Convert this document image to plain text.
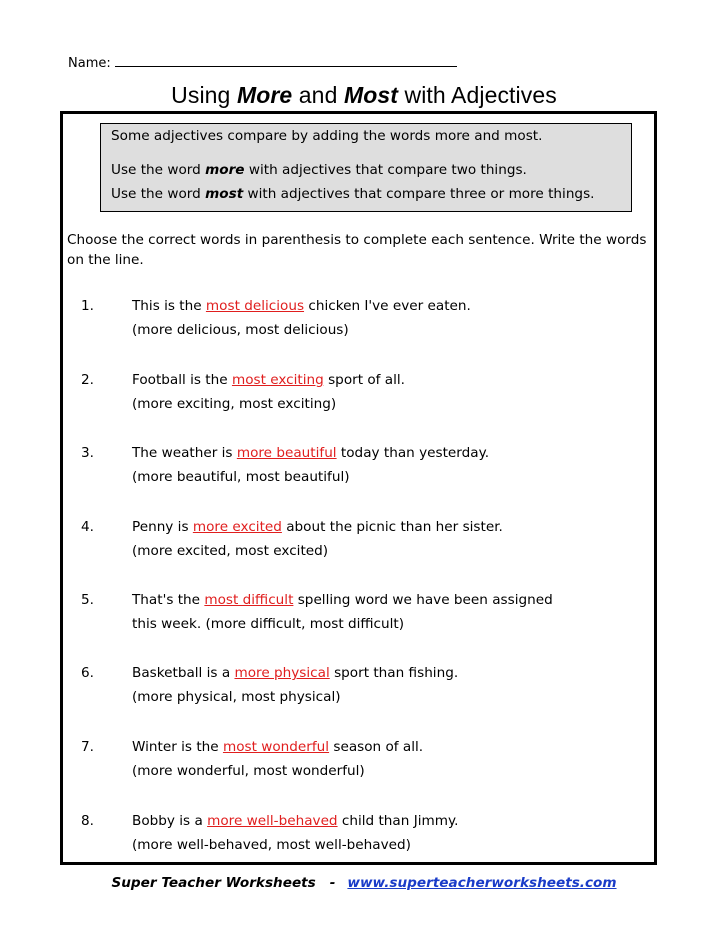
Name:
Using More and Most with Adjectives
Some adjectives compare by adding the words more and most.
Use the word more with adjectives that compare two things.
Use the word most with adjectives that compare three or more things.
Choose the correct words in parenthesis to complete each sentence. Write the words on the line.
1.	This is the most delicious chicken I've ever eaten.
(more delicious, most delicious)
2.	Football is the most exciting sport of all.
(more exciting, most exciting)
3.	The weather is more beautiful today than yesterday.
(more beautiful, most beautiful)
4.	Penny is more excited about the picnic than her sister.
(more excited, most excited)
5.	That's the most difficult spelling word we have been assigned
this week. (more difficult, most difficult)
6.	Basketball is a more physical sport than fishing.
(more physical, most physical)
7.	Winter is the most wonderful season of all.
(more wonderful, most wonderful)
8.	Bobby is a more well-behaved child than Jimmy.
(more well-behaved, most well-behaved)
Super Teacher Worksheets - www.superteacherworksheets.com
